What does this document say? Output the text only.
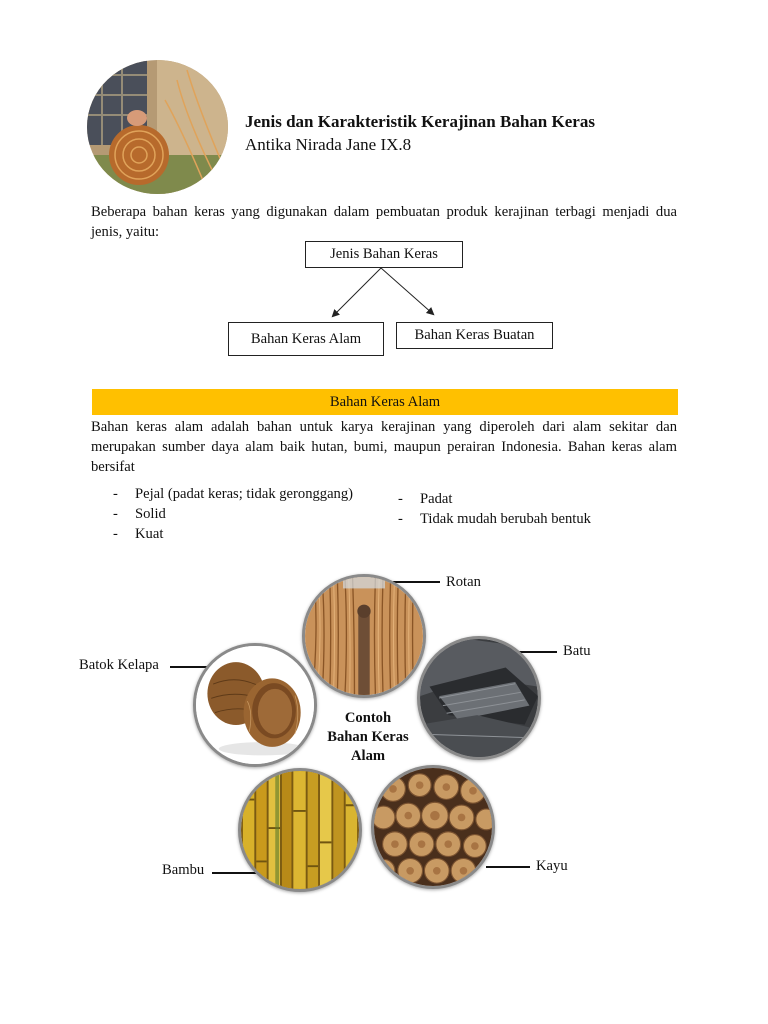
Jenis dan Karakteristik Kerajinan Bahan Keras
Antika Nirada Jane IX.8
Beberapa bahan keras yang digunakan dalam pembuatan produk kerajinan terbagi menjadi dua jenis, yaitu:
Jenis Bahan Keras
Bahan Keras Alam	Bahan Keras Buatan
Bahan Keras Alam
Bahan keras alam adalah bahan untuk karya kerajinan yang diperoleh dari alam sekitar dan merupakan sumber daya alam baik hutan, bumi, maupun perairan Indonesia. Bahan keras alam bersifat
- Pejal (padat keras; tidak geronggang)
- Solid
- Kuat
- Padat
- Tidak mudah berubah bentuk
Contoh
Bahan Keras
Alam
Rotan
Batu
Batok Kelapa
Bambu	Kayu
